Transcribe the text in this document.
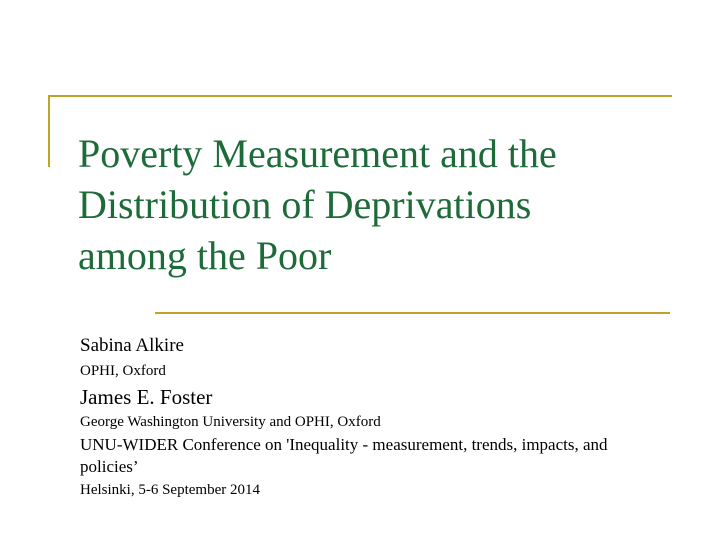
Poverty Measurement and the
Distribution of Deprivations
among the Poor
Sabina Alkire
OPHI, Oxford
James E. Foster
George Washington University and OPHI, Oxford
UNU-WIDER Conference on 'Inequality - measurement, trends, impacts, and policies’
Helsinki, 5-6 September 2014
